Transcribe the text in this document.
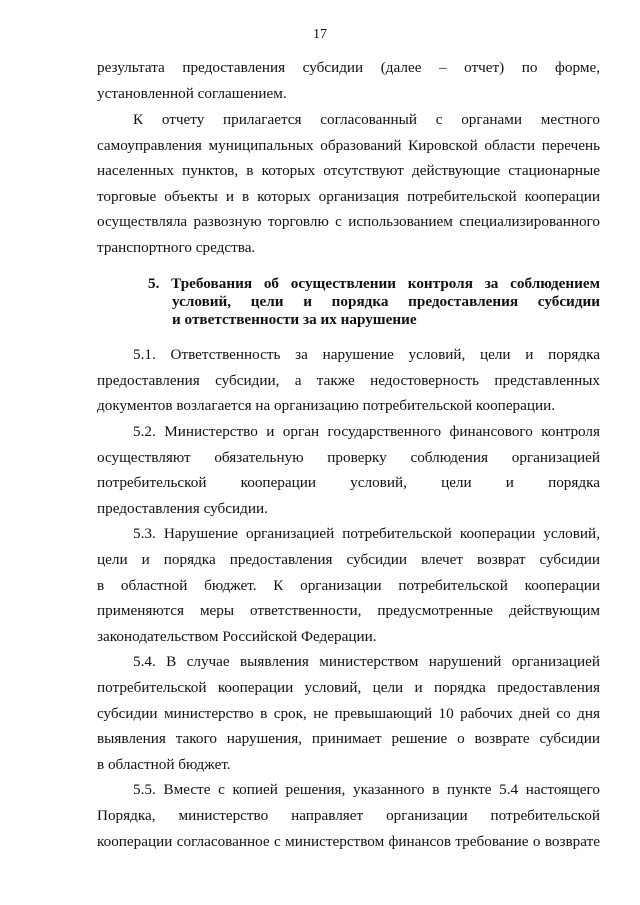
17
результата предоставления субсидии (далее – отчет) по форме,
установленной соглашением.
К отчету прилагается согласованный с органами местного
самоуправления муниципальных образований Кировской области перечень
населенных пунктов, в которых отсутствуют действующие стационарные
торговые объекты и в которых организация потребительской кооперации
осуществляла развозную торговлю с использованием специализированного
транспортного средства.
5. Требования об осуществлении контроля за соблюдением
условий, цели и порядка предоставления субсидии
и ответственности за их нарушение
5.1. Ответственность за нарушение условий, цели и порядка
предоставления субсидии, а также недостоверность представленных
документов возлагается на организацию потребительской кооперации.
5.2. Министерство и орган государственного финансового контроля
осуществляют обязательную проверку соблюдения организацией
потребительской кооперации условий, цели и порядка
предоставления субсидии.
5.3. Нарушение организацией потребительской кооперации условий,
цели и порядка предоставления субсидии влечет возврат субсидии
в областной бюджет. К организации потребительской кооперации
применяются меры ответственности, предусмотренные действующим
законодательством Российской Федерации.
5.4. В случае выявления министерством нарушений организацией
потребительской кооперации условий, цели и порядка предоставления
субсидии министерство в срок, не превышающий 10 рабочих дней со дня
выявления такого нарушения, принимает решение о возврате субсидии
в областной бюджет.
5.5. Вместе с копией решения, указанного в пункте 5.4 настоящего
Порядка, министерство направляет организации потребительской
кооперации согласованное с министерством финансов требование о возврате
